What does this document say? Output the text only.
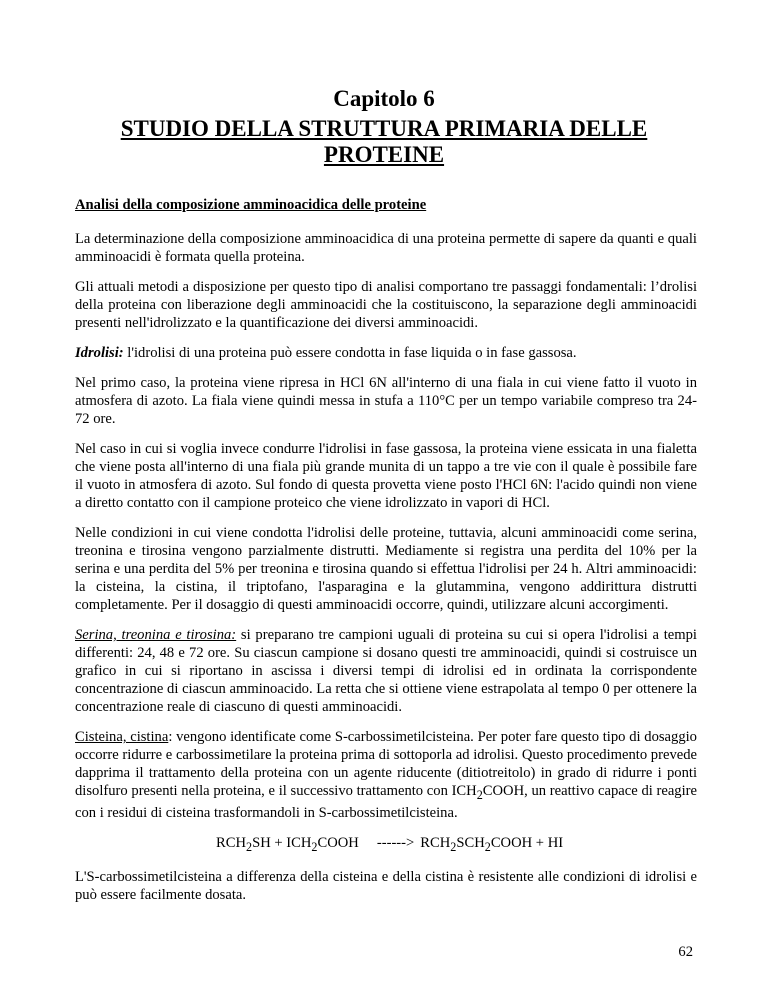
Capitolo 6
STUDIO DELLA STRUTTURA PRIMARIA DELLE PROTEINE

Analisi della composizione amminoacidica delle proteine

La determinazione della composizione amminoacidica di una proteina permette di sapere da quanti e quali amminoacidi è formata quella proteina.

Gli attuali metodi a disposizione per questo tipo di analisi comportano tre passaggi fondamentali: l’drolisi della proteina con liberazione degli amminoacidi che la costituiscono, la separazione degli amminoacidi presenti nell'idrolizzato e la quantificazione dei diversi amminoacidi.

Idrolisi: l'idrolisi di una proteina può essere condotta in fase liquida o in fase gassosa.

Nel primo caso, la proteina viene ripresa in HCl 6N all'interno di una fiala in cui viene fatto il vuoto in atmosfera di azoto. La fiala viene quindi messa in stufa a 110°C per un tempo variabile compreso tra 24-72 ore.

Nel caso in cui si voglia invece condurre l'idrolisi in fase gassosa, la proteina viene essicata in una fialetta che viene posta all'interno di una fiala più grande munita di un tappo a tre vie con il quale è possibile fare il vuoto in atmosfera di azoto. Sul fondo di questa provetta viene posto l'HCl 6N: l'acido quindi non viene a diretto contatto con il campione proteico che viene idrolizzato in vapori di HCl.

Nelle condizioni in cui viene condotta l'idrolisi delle proteine, tuttavia, alcuni amminoacidi come serina, treonina e tirosina vengono parzialmente distrutti. Mediamente si registra una perdita del 10% per la serina e una perdita del 5% per treonina e tirosina quando si effettua l'idrolisi per 24 h. Altri amminoacidi: la cisteina, la cistina, il triptofano, l'asparagina e la glutammina, vengono addirittura distrutti completamente. Per il dosaggio di questi amminoacidi occorre, quindi, utilizzare alcuni accorgimenti.

Serina, treonina e tirosina: si preparano tre campioni uguali di proteina su cui si opera l'idrolisi a tempi differenti: 24, 48 e 72 ore. Su ciascun campione si dosano questi tre amminoacidi, quindi si costruisce un grafico in cui si riportano in ascissa i diversi tempi di idrolisi ed in ordinata la corrispondente concentrazione di ciascun amminoacido. La retta che si ottiene viene estrapolata al tempo 0 per ottenere la concentrazione reale di ciascuno di questi amminoacidi.

Cisteina, cistina: vengono identificate come S-carbossimetilcisteina. Per poter fare questo tipo di dosaggio occorre ridurre e carbossimetilare la proteina prima di sottoporla ad idrolisi. Questo procedimento prevede dapprima il trattamento della proteina con un agente riducente (ditiotreitolo) in grado di ridurre i ponti disolfuro presenti nella proteina, e il successivo trattamento con $ICH_2COOH$, un reattivo capace di reagire con i residui di cisteina trasformandoli in S-carbossimetilcisteina.

$RCH_2SH$ + $ICH_2COOH$ ------> $RCH_2SCH_2COOH$ + HI

L'S-carbossimetilcisteina a differenza della cisteina e della cistina è resistente alle condizioni di idrolisi e può essere facilmente dosata.

62
